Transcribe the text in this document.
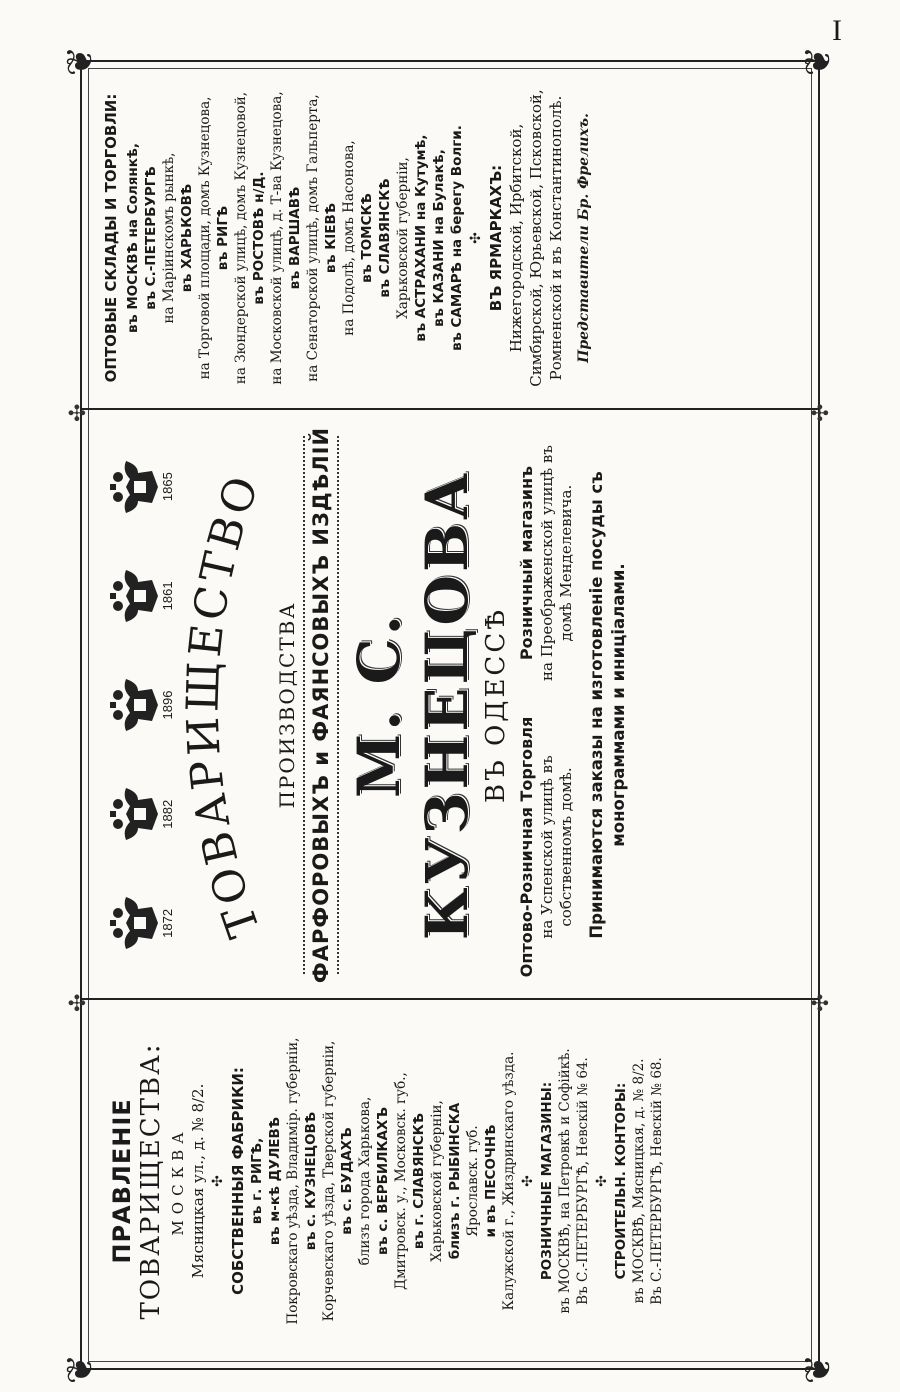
I
❦
❦
❦
❦
✣	✣
✣	✣

ПРАВЛЕНІЕ ТОВАРИЩЕСТВА: МОСКВА Мясницкая ул., д. № 8/2. ✣ СОБСТВЕННЫЯ ФАБРИКИ: въ г. РИГѢ, въ м-кѣ ДУЛЕВѢ Покровскаго уѣзда, Владимір. губерніи, въ с. КУЗНЕЦОВѢ Корчевскаго уѣзда, Тверской губерніи, въ с. БУДАХЪ близъ города Харькова, въ с. ВЕРБИЛКАХЪ Дмитровск. у., Московск. губ., въ г. СЛАВЯНСКѢ Харьковской губерніи, близъ г. РЫБИНСКА Ярославск. губ. и въ ПЕСОЧНѢ Калужской г., Жиздринскаго уѣзда. ✣ РОЗНИЧНЫЕ МАГАЗИНЫ: въ МОСКВѢ, на Петровкѣ и Софійкѣ. Въ С.-ПЕТЕРБУРГѢ, Невскій № 64. ✣ СТРОИТЕЛЬН. КОНТОРЫ: въ МОСКВѢ, Мясницкая, д. № 8/2. Въ С.-ПЕТЕРБУРГѢ, Невскій № 68.

1872
1882
1896
1861
1865
ТОВАРИЩЕСТВО

ПРОИЗВОДСТВА ФАРФОРОВЫХЪ и ФАЯНСОВЫХЪ ИЗДѢЛІЙ М. С. КУЗНЕЦОВА ВЪ ОДЕССѢ

Оптово-Розничная Торговля на Успенской улицѣ въ собственномъ домѣ.

Розничный магазинъ на Преображенской улицѣ въ домѣ Менделевича. Принимаются заказы на изготовленіе посуды съ монограммами и иниціалами.

ОПТОВЫЕ СКЛАДЫ И ТОРГОВЛИ: въ МОСКВѢ на Солянкѣ, въ С.-ПЕТЕРБУРГѢ на Маріинскомъ рынкѣ, въ ХАРЬКОВѢ на Торговой площади, домъ Кузнецова, въ РИГѢ на Зюндерской улицѣ, домъ Кузнецовой, въ РОСТОВѢ н/Д. на Московской улицѣ, д. Т-ва Кузнецова, въ ВАРШАВѢ на Сенаторской улицѣ, домъ Гальперта, въ КІЕВѢ на Подолѣ, домъ Насонова, въ ТОМСКѢ въ СЛАВЯНСКѢ Харьковской губерніи, въ АСТРАХАНИ на Кутумѣ, въ КАЗАНИ на Булакѣ, въ САМАРѢ на берегу Волги. ✣ ВЪ ЯРМАРКАХЪ: Нижегородской, Ирбитской, Симбирской, Юрьевской, Псковской, Ромненской и въ Константинополѣ. Представители Бр. Фрелихъ.
